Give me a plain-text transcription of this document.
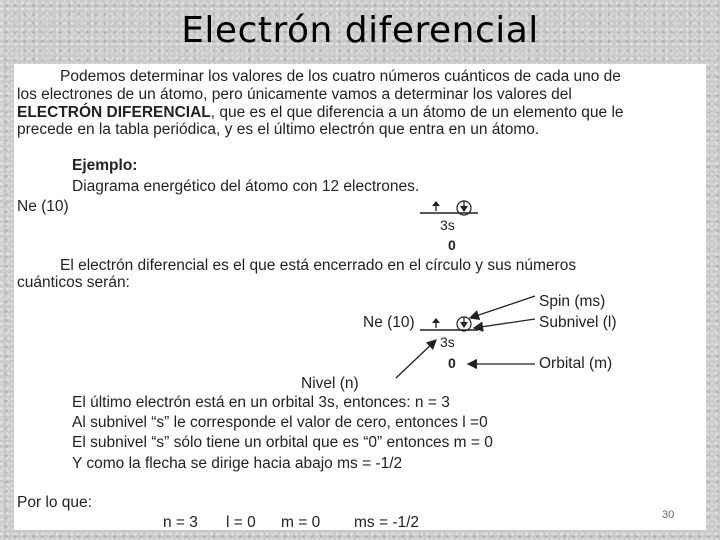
Electrón diferencial
Podemos determinar los valores de los cuatro números cuánticos de cada uno de
los electrones de un átomo, pero únicamente vamos a determinar los valores del
ELECTRÓN DIFERENCIAL, que es el que diferencia a un átomo de un elemento que le
precede en la tabla periódica, y es el último electrón que entra en un átomo.
Ejemplo:
Diagrama energético del átomo con 12 electrones.
Ne (10)
3s
0
El electrón diferencial es el que está encerrado en el círculo y sus números
cuánticos serán:
Spin (ms)
Subnivel (l)
Ne (10)
3s
0	Orbital (m)
Nivel (n)
El último electrón está en un orbital 3s, entonces: n = 3
Al subnivel “s” le corresponde el valor de cero, entonces l =0
El subnivel “s” sólo tiene un orbital que es “0” entonces m = 0
Y como la flecha se dirige hacia abajo ms = -1/2
Por lo que:
n = 3 l = 0 m = 0 ms = -1/2	30
